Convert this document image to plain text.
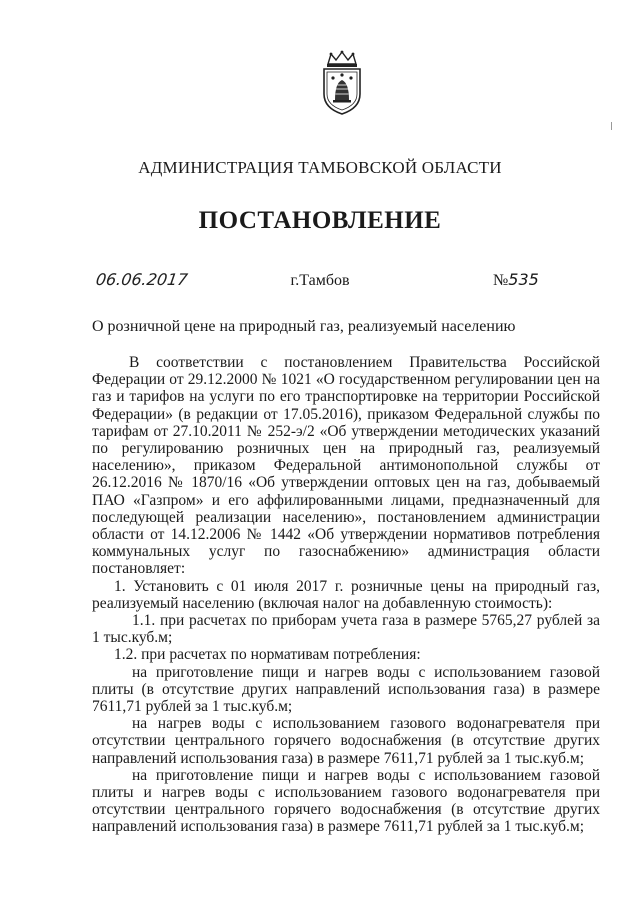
АДМИНИСТРАЦИЯ ТАМБОВСКОЙ ОБЛАСТИ
ПОСТАНОВЛЕНИЕ
06.06.2017	г.Тамбов	№535
О розничной цене на природный газ, реализуемый населению

В соответствии с постановлением Правительства Российской Федерации от 29.12.2000 № 1021 «О государственном регулировании цен на газ и тарифов на услуги по его транспортировке на территории Российской Федерации» (в редакции от 17.05.2016), приказом Федеральной службы по тарифам от 27.10.2011 № 252-э/2 «Об утверждении методических указаний по регулированию розничных цен на природный газ, реализуемый населению», приказом Федеральной антимонопольной службы от 26.12.2016 № 1870/16 «Об утверждении оптовых цен на газ, добываемый ПАО «Газпром» и его аффилированными лицами, предназначенный для последующей реализации населению», постановлением администрации области от 14.12.2006 № 1442 «Об утверждении нормативов потребления коммунальных услуг по газоснабжению» администрация области постановляет:

1. Установить с 01 июля 2017 г. розничные цены на природный газ, реализуемый населению (включая налог на добавленную стоимость):

1.1. при расчетах по приборам учета газа в размере 5765,27 рублей за 1 тыс.куб.м;

1.2. при расчетах по нормативам потребления:

на приготовление пищи и нагрев воды с использованием газовой плиты (в отсутствие других направлений использования газа) в размере 7611,71 рублей за 1 тыс.куб.м;

на нагрев воды с использованием газового водонагревателя при отсутствии центрального горячего водоснабжения (в отсутствие других направлений использования газа) в размере 7611,71 рублей за 1 тыс.куб.м;

на приготовление пищи и нагрев воды с использованием газовой плиты и нагрев воды с использованием газового водонагревателя при отсутствии центрального горячего водоснабжения (в отсутствие других направлений использования газа) в размере 7611,71 рублей за 1 тыс.куб.м;
